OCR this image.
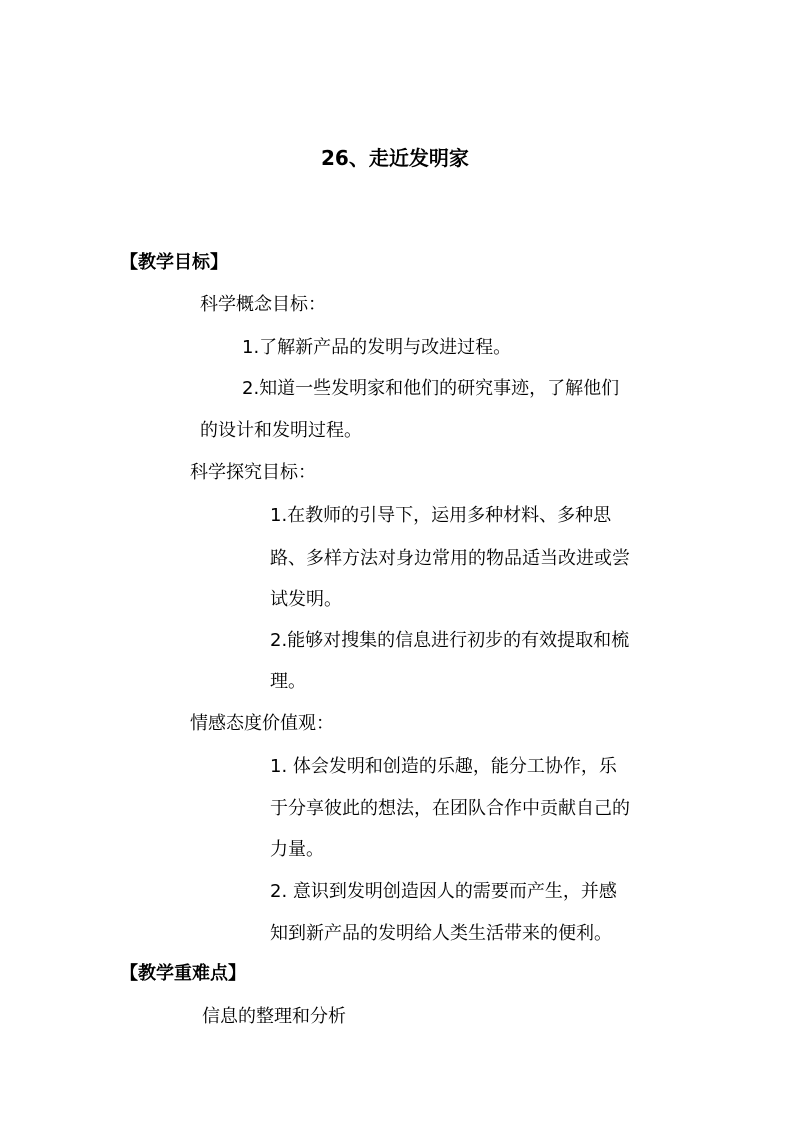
26、走近发明家
【教学目标】
科学概念目标：
1.了解新产品的发明与改进过程。
2.知道一些发明家和他们的研究事迹，了解他们
的设计和发明过程。
科学探究目标：
1.在教师的引导下，运用多种材料、多种思
路、多样方法对身边常用的物品适当改进或尝
试发明。
2.能够对搜集的信息进行初步的有效提取和梳
理。
情感态度价值观：
1. 体会发明和创造的乐趣，能分工协作，乐
于分享彼此的想法，在团队合作中贡献自己的
力量。
2. 意识到发明创造因人的需要而产生，并感
知到新产品的发明给人类生活带来的便利。
【教学重难点】
信息的整理和分析
